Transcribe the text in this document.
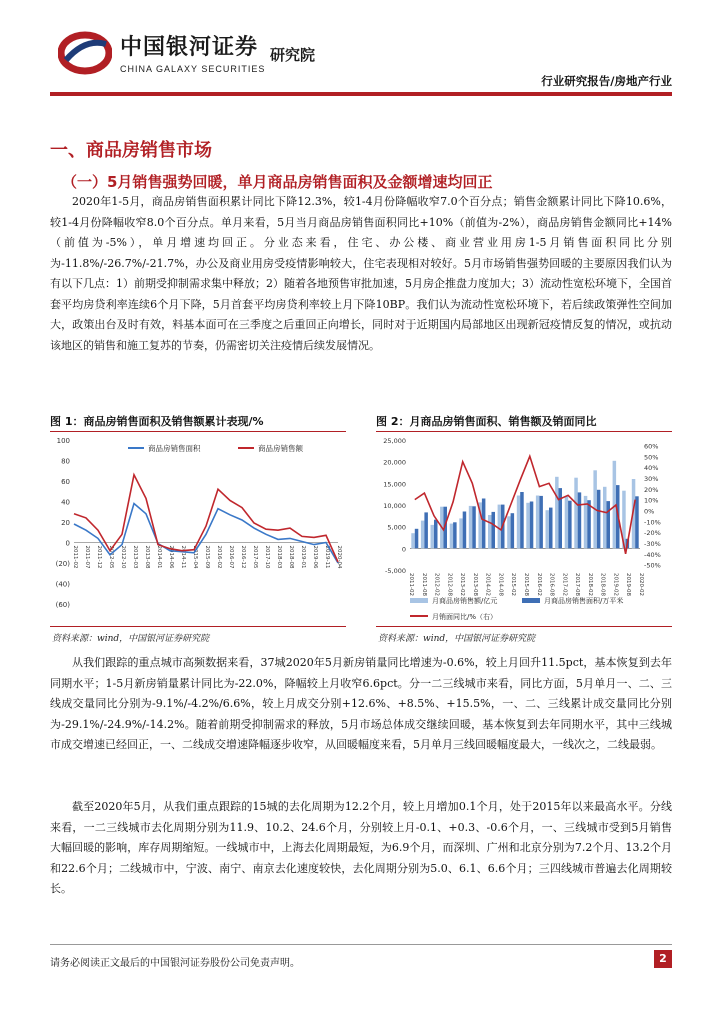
中国银河证券 研究院
CHINA GALAXY SECURITIES
行业研究报告/房地产行业
一、商品房销售市场
（一）5月销售强势回暖，单月商品房销售面积及金额增速均回正
2020年1-5月，商品房销售面积累计同比下降12.3%，较1-4月份降幅收窄7.0个百分点；销售金额累计同比下降10.6%，较1-4月份降幅收窄8.0个百分点。单月来看，5月当月商品房销售面积同比+10%（前值为-2%），商品房销售金额同比+14%（前值为-5%），单月增速均回正。分业态来看，住宅、办公楼、商业营业用房1-5月销售面积同比分别为-11.8%/-26.7%/-21.7%，办公及商业用房受疫情影响较大，住宅表现相对较好。5月市场销售强势回暖的主要原因我们认为有以下几点：1）前期受抑制需求集中释放；2）随着各地预售审批加速，5月房企推盘力度加大；3）流动性宽松环境下，全国首套平均房贷利率连续6个月下降，5月首套平均房贷利率较上月下降10BP。我们认为流动性宽松环境下，若后续政策弹性空间加大，政策出台及时有效，料基本面可在三季度之后重回正向增长，同时对于近期国内局部地区出现新冠疫情反复的情况，或抗动该地区的销售和施工复苏的节奏，仍需密切关注疫情后续发展情况。
图 1：商品房销售面积及销售额累计表现/%	图 2：月商品房销售面积、销售额及销面同比
100
80
60
40
20
0
(20)
(40)
(60)
2011-02 2011-07 2011-12 2012-05 2012-10 2013-03 2013-08 2014-01 2014-06 2014-11 2015-04 2015-09 2016-02 2016-07 2016-12 2017-05 2017-10 2018-03 2018-08 2019-01 2019-06 2019-11 2020-04
商品房销售面积	商品房销售额
25,000
20,000
15,000
10,000
5,000
0
-5,000
60%
50%
40%
30%
20%
10%
0%
-10%
-20%
-30%
-40%
-50%
2011-02 2011-08 2012-02 2012-08 2013-02 2013-08 2014-02 2014-08 2015-02 2015-08 2016-02 2016-08 2017-02 2017-08 2018-02 2018-08 2019-02 2019-08 2020-02
月商品房销售额/亿元	月商品房销售面积/万平米
月销面同比/%（右）
资料来源：wind，中国银河证券研究院	资料来源：wind，中国银河证券研究院
从我们跟踪的重点城市高频数据来看，37城2020年5月新房销量同比增速为-0.6%，较上月回升11.5pct，基本恢复到去年同期水平；1-5月新房销量累计同比为-22.0%，降幅较上月收窄6.6pct。分一二三线城市来看，同比方面，5月单月一、二、三线成交量同比分别为-9.1%/-4.2%/6.6%，较上月成交分别+12.6%、+8.5%、+15.5%，一、二、三线累计成交量同比分别为-29.1%/-24.9%/-14.2%。随着前期受抑制需求的释放，5月市场总体成交继续回暖，基本恢复到去年同期水平，其中三线城市成交增速已经回正，一、二线成交增速降幅逐步收窄，从回暖幅度来看，5月单月三线回暖幅度最大，一线次之，二线最弱。
截至2020年5月，从我们重点跟踪的15城的去化周期为12.2个月，较上月增加0.1个月，处于2015年以来最高水平。分线来看，一二三线城市去化周期分别为11.9、10.2、24.6个月，分别较上月-0.1、+0.3、-0.6个月，一、三线城市受到5月销售大幅回暖的影响，库存周期缩短。一线城市中，上海去化周期最短，为6.9个月，而深圳、广州和北京分别为7.2个月、13.2个月和22.6个月；二线城市中，宁波、南宁、南京去化速度较快，去化周期分别为5.0、6.1、6.6个月；三四线城市普遍去化周期较长。
请务必阅读正文最后的中国银河证券股份公司免责声明。	2
